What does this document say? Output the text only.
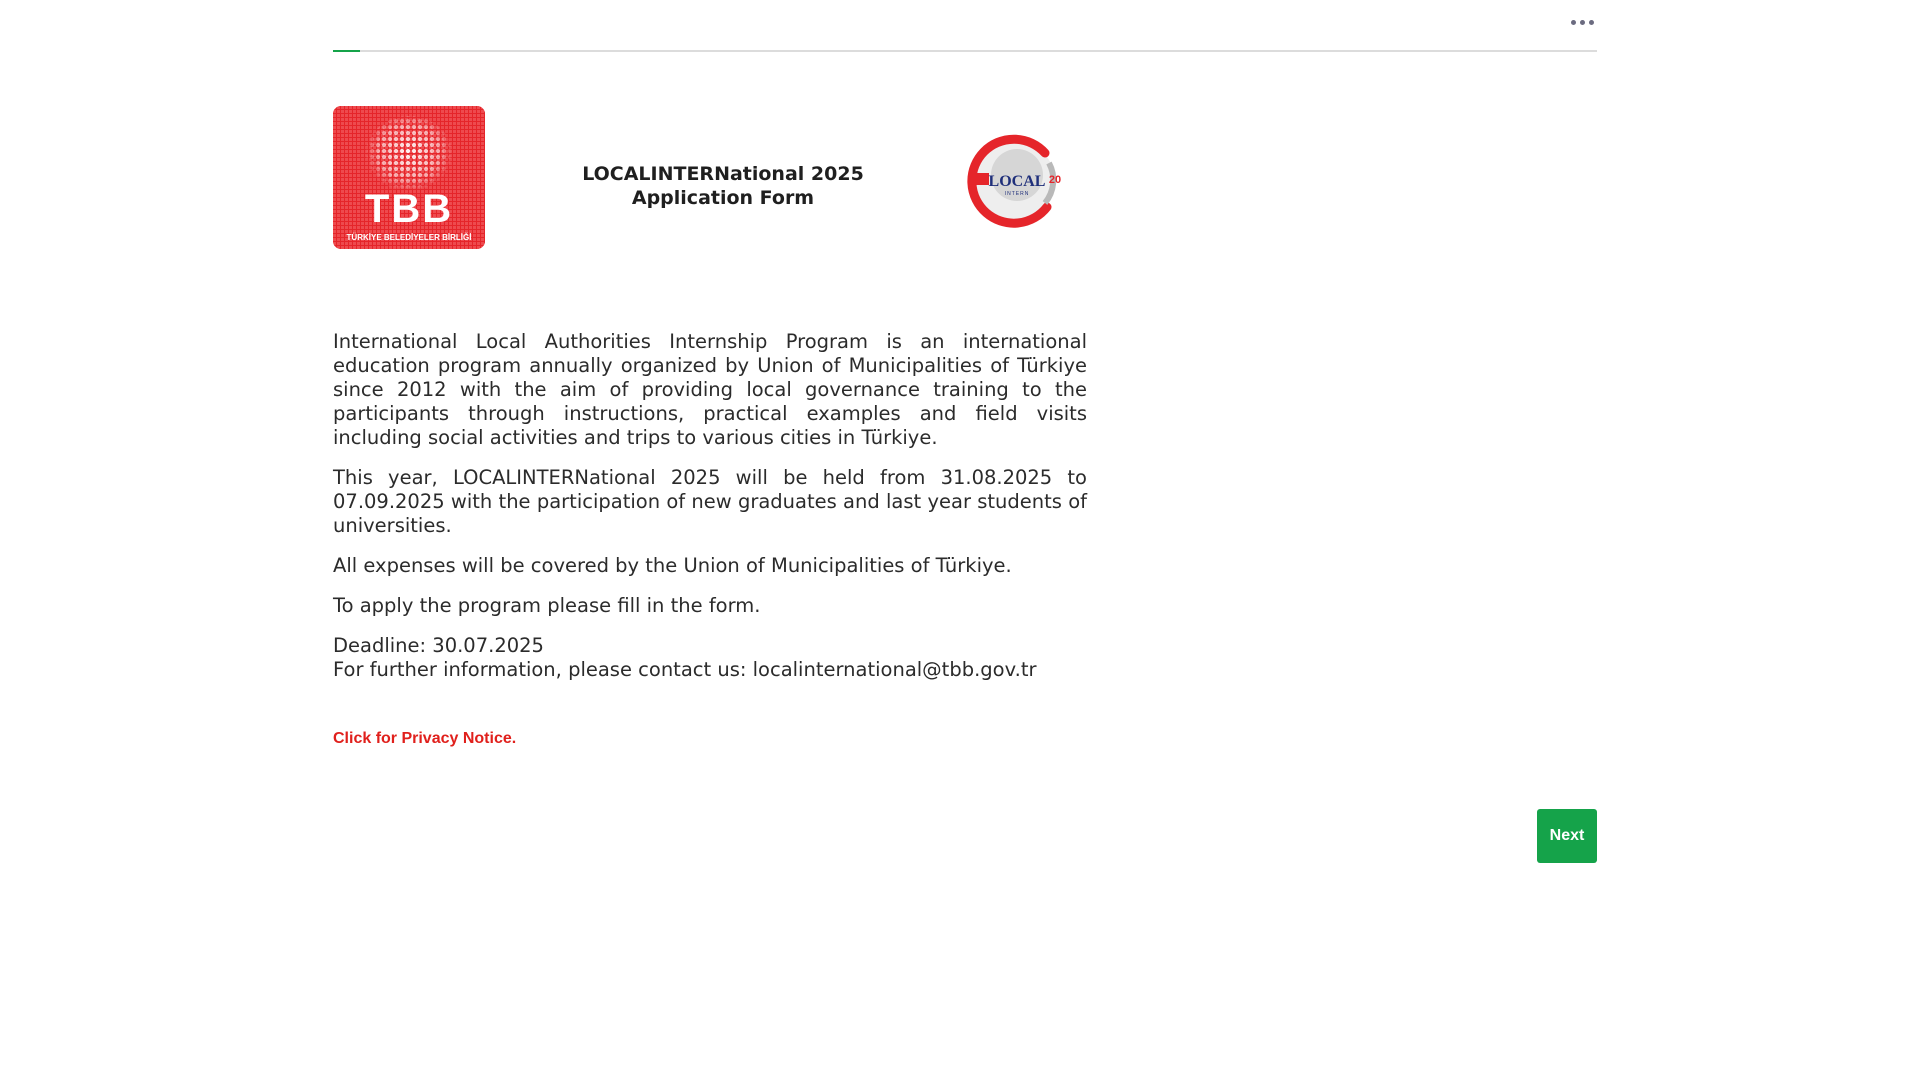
TBB
TÜRKİYE BELEDİYELER BİRLİĞİ
LOCALINTERNational 2025 Application Form
LOCAL
INTERN
20

International Local Authorities Internship Program is an international education program annually organized by Union of Municipalities of Türkiye since 2012 with the aim of providing local governance training to the participants through instructions, practical examples and field visits including social activities and trips to various cities in Türkiye.

This year, LOCALINTERNational 2025 will be held from 31.08.2025 to 07.09.2025 with the participation of new graduates and last year students of universities.

All expenses will be covered by the Union of Municipalities of Türkiye.

To apply the program please fill in the form.

Deadline: 30.07.2025

For further information, please contact us: localinternational@tbb.gov.tr

Click for Privacy Notice.
Next
